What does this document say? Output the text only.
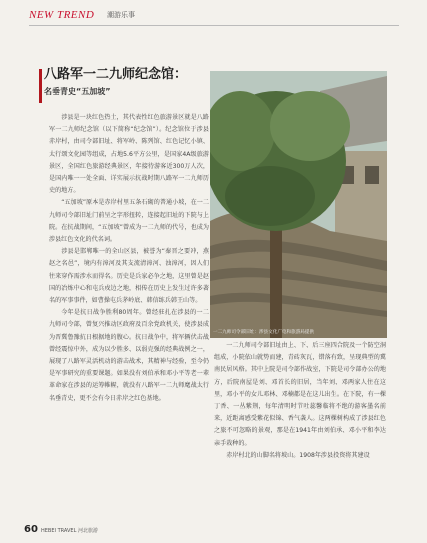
NEW TREND 潮游乐事
八路军一二九师纪念馆：
名垂青史“五加坡”

涉县是一块红色热土，其代表性红色旅游景区就是八路军一二九师纪念馆（以下简称“纪念馆”）。纪念馆位于涉县赤岸村，由司令部旧址、将军岭、陈列馆、红色记忆小镇、太行颂文化园等组成，占地5.6平方公里，是国家4A级旅游景区，全国红色旅游经典景区，年接待游客近300万人次，是国内唯一一处全面、详实展示抗战时期八路军一二九师历史的地方。

“五加坡”原本是赤岸村里五条石砌的普通小坡，在一二九师司令部旧址门前呈之字形扭转，连接起旧址的下院与上院。在抗战期间，“五加坡”曾成为一二九师的代号，也成为涉县红色文化的代名词。

涉县是邯郸唯一的全山区县，被誉为“秦晋之要冲，燕赵之名邑”，境内有漳河及其支流清漳河、浊漳河，因人们往来穿作需涉水而得名。历史是兵家必争之地，这里曾是赵国的冶炼中心和屯兵戍边之地，相传在历史上发生过许多著名的军事事件，如曹操屯兵茅岭底、韩信练兵韩王山等。

今年是抗日战争胜利80周年。曾经驻扎在涉县的一二九师司令部，曾复兴推动区政府及百余党政机关，使涉县成为晋冀鲁豫抗日根据地的腹心。抗日战争中，将军辆伏击战曾经震惊中外，成为以少胜多、以弱克强的经典战例之一，展现了八路军灵活机动的游击战术，其精神与经验，至今仍是军事研究的重要课题。如果没有刘伯承和邓小平等老一辈革命家在涉县的运筹帷幄，就没有八路军一二九师麾战太行名垂青史，更不会有今日赤岸之红色基地。

一二九师司令部旧址：涉县文化广电和旅游局提供

一二九师司令部旧址由上、下、后三座四合院及一个防空洞组成，小院依山就势而建，青砖灰瓦，错落有致，呈现典型的冀南民居风格。其中上院是司令部作战室，下院是司令部办公的地方，后院南屋是刘、邓首长的旧居，当年刘、邓两家人住在这里，邓小平的女儿邓林、邓楠都是在这儿出生。在下院，有一棵丁香、一丛紫荆，每年清明时节吐蕊馨临将不绝的游客墨名前来，近距离感受紫花似锦、香气袭人。这两棵树构成了涉县红色之旅不可忽略的景观，那是在1941年由刘伯承、邓小平和李达亲手栽种的。

赤岸村北的山脚名将坡山。1908年涉县投资将其建设

60 HEBEI TRAVEL 河北旅游
